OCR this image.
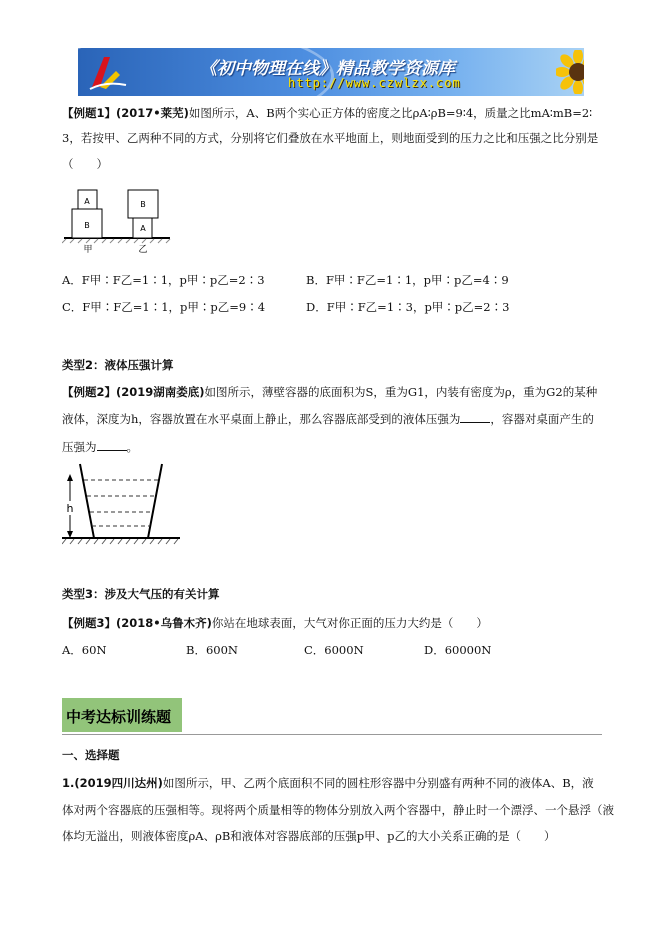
《初中物理在线》精品教学资源库
http://www.czwlzx.com
【例题1】(2017•莱芜)如图所示，A、B两个实心正方体的密度之比ρA∶ρB=9∶4，质量之比mA∶mB=2∶
3，若按甲、乙两种不同的方式，分别将它们叠放在水平地面上，则地面受到的压力之比和压强之比分别是
（　　）
A
B
B
A
甲	乙
A．F甲∶F乙=1∶1，p甲∶p乙=2∶3	B．F甲∶F乙=1∶1，p甲∶p乙=4∶9
C．F甲∶F乙=1∶1，p甲∶p乙=9∶4	D．F甲∶F乙=1∶3，p甲∶p乙=2∶3
类型2：液体压强计算
【例题2】(2019湖南娄底)如图所示，薄壁容器的底面积为S，重为G1，内装有密度为ρ，重为G2的某种
液体，深度为h，容器放置在水平桌面上静止，那么容器底部受到的液体压强为	，容器对桌面产生的
压强为	。
h
类型3：涉及大气压的有关计算
【例题3】(2018•乌鲁木齐)你站在地球表面，大气对你正面的压力大约是（　　）
A．60N	B．600N	C．6000N	D．60000N
中考达标训练题
一、选择题
1.(2019四川达州)如图所示，甲、乙两个底面积不同的圆柱形容器中分别盛有两种不同的液体A、B，液
体对两个容器底的压强相等。现将两个质量相等的物体分别放入两个容器中，静止时一个漂浮、一个悬浮（液
体均无溢出，则液体密度ρA、ρB和液体对容器底部的压强p甲、p乙的大小关系正确的是（　　）
